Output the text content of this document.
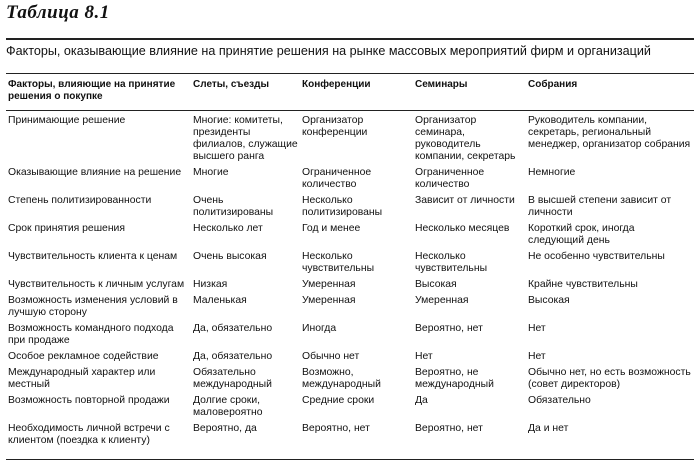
Таблица 8.1
Факторы, оказывающие влияние на принятие решения на рынке массовых мероприятий фирм и организаций
Факторы, влияющие на принятие решения о покупке	Слеты, съезды	Конференции	Семинары	Собрания
Принимающие решение	Многие: комитеты, президенты филиалов, служащие высшего ранга	Организатор конференции	Организатор семинара, руководитель компании, секретарь	Руководитель компании, секретарь, региональный менеджер, организатор собрания
Оказывающие влияние на решение	Многие	Ограниченное количество	Ограниченное количество	Немногие
Степень политизированности	Очень политизированы	Несколько политизированы	Зависит от личности	В высшей степени зависит от личности
Срок принятия решения	Несколько лет	Год и менее	Несколько месяцев	Короткий срок, иногда следующий день
Чувствительность клиента к ценам	Очень высокая	Несколько чувствительны	Несколько чувствительны	Не особенно чувствительны
Чувствительность к личным услугам	Низкая	Умеренная	Высокая	Крайне чувствительны
Возможность изменения условий в лучшую сторону	Маленькая	Умеренная	Умеренная	Высокая
Возможность командного подхода при продаже	Да, обязательно	Иногда	Вероятно, нет	Нет
Особое рекламное содействие	Да, обязательно	Обычно нет	Нет	Нет
Международный характер или местный	Обязательно международный	Возможно, международный	Вероятно, не международный	Обычно нет, но есть возможность (совет директоров)
Возможность повторной продажи	Долгие сроки, маловероятно	Средние сроки	Да	Обязательно
Необходимость личной встречи с клиентом (поездка к клиенту)	Вероятно, да	Вероятно, нет	Вероятно, нет	Да и нет
